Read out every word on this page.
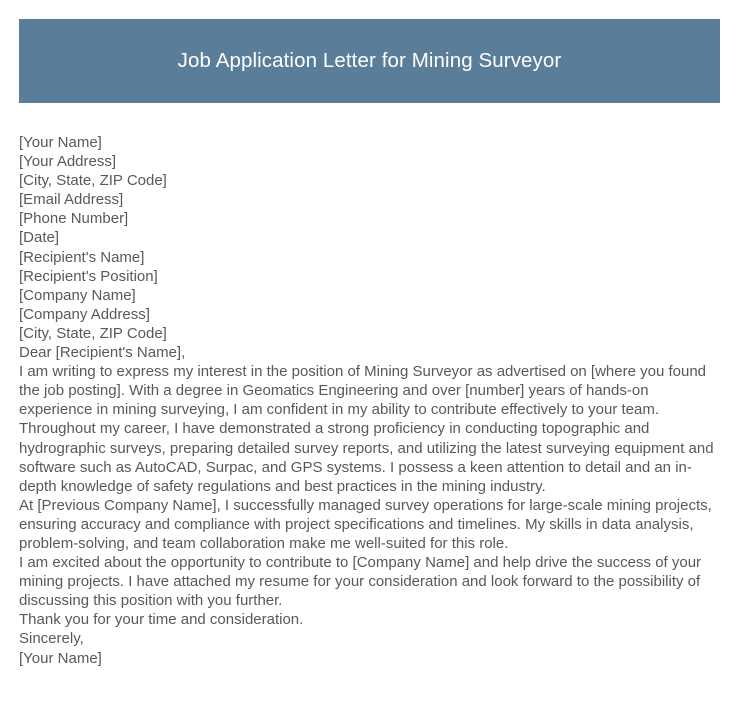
Job Application Letter for Mining Surveyor
[Your Name]
[Your Address]
[City, State, ZIP Code]
[Email Address]
[Phone Number]
[Date]
[Recipient's Name]
[Recipient's Position]
[Company Name]
[Company Address]
[City, State, ZIP Code]
Dear [Recipient's Name],

I am writing to express my interest in the position of Mining Surveyor as advertised on [where you found the job posting]. With a degree in Geomatics Engineering and over [number] years of hands-on experience in mining surveying, I am confident in my ability to contribute effectively to your team.

Throughout my career, I have demonstrated a strong proficiency in conducting topographic and hydrographic surveys, preparing detailed survey reports, and utilizing the latest surveying equipment and software such as AutoCAD, Surpac, and GPS systems. I possess a keen attention to detail and an in-depth knowledge of safety regulations and best practices in the mining industry.

At [Previous Company Name], I successfully managed survey operations for large-scale mining projects, ensuring accuracy and compliance with project specifications and timelines. My skills in data analysis, problem-solving, and team collaboration make me well-suited for this role.

I am excited about the opportunity to contribute to [Company Name] and help drive the success of your mining projects. I have attached my resume for your consideration and look forward to the possibility of discussing this position with you further.

Thank you for your time and consideration.

Sincerely,
[Your Name]
